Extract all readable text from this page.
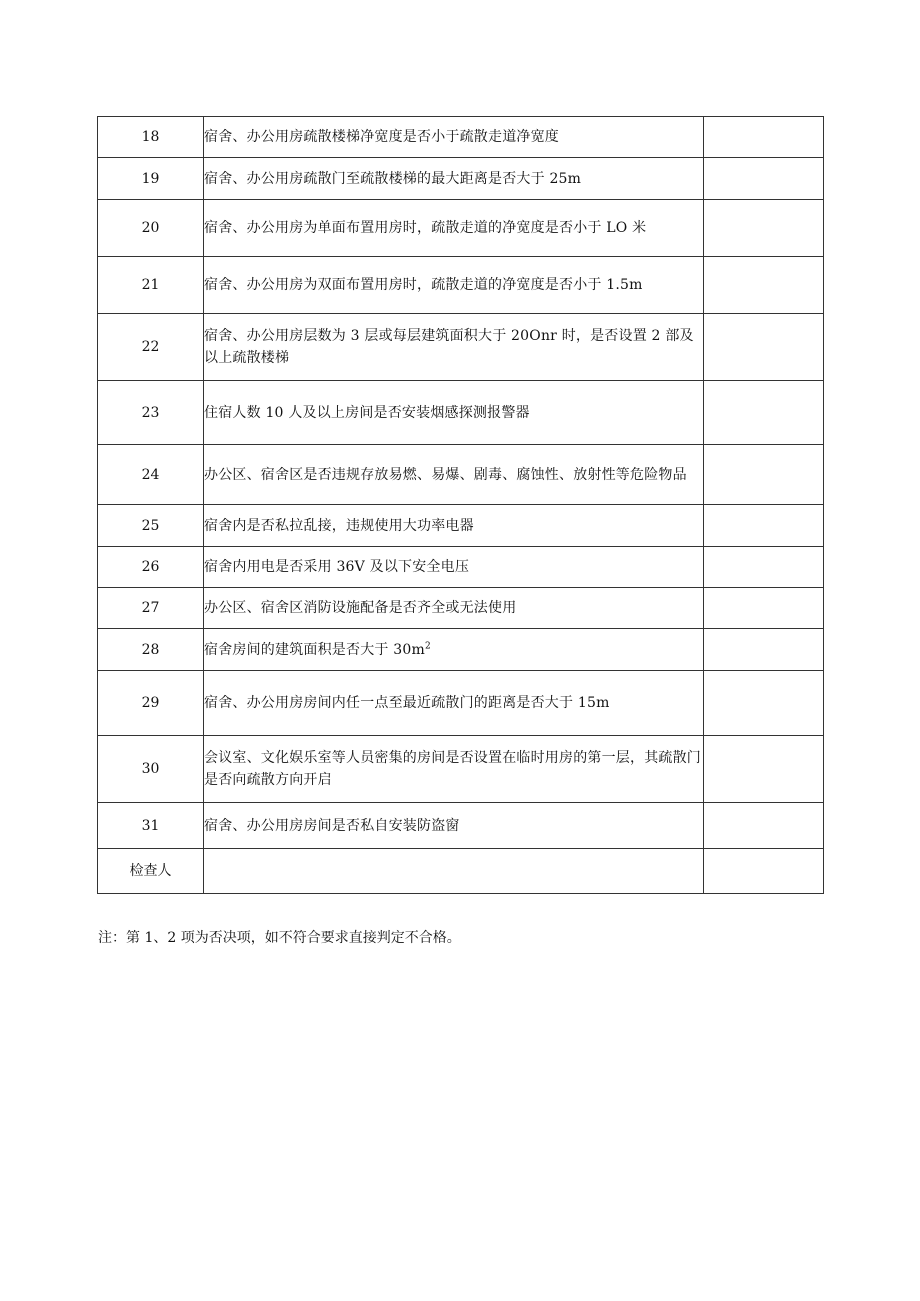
18	宿舍、办公用房疏散楼梯净宽度是否小于疏散走道净宽度	
19	宿舍、办公用房疏散门至疏散楼梯的最大距离是否大于 25m	
20	宿舍、办公用房为单面布置用房时，疏散走道的净宽度是否小于 LO 米	
21	宿舍、办公用房为双面布置用房时，疏散走道的净宽度是否小于 1.5m	
22	宿舍、办公用房层数为 3 层或每层建筑面积大于 20Onr 时，是否设置 2 部及以上疏散楼梯	
23	住宿人数 10 人及以上房间是否安装烟感探测报警器	
24	办公区、宿舍区是否违规存放易燃、易爆、剧毒、腐蚀性、放射性等危险物品	
25	宿舍内是否私拉乱接，违规使用大功率电器	
26	宿舍内用电是否采用 36V 及以下安全电压	
27	办公区、宿舍区消防设施配备是否齐全或无法使用	
28	宿舍房间的建筑面积是否大于 $30m^2$	
29	宿舍、办公用房房间内任一点至最近疏散门的距离是否大于 15m	
30	会议室、文化娱乐室等人员密集的房间是否设置在临时用房的第一层，其疏散门是否向疏散方向开启	
31	宿舍、办公用房房间是否私自安装防盗窗	
检查人		
注：第 1、2 项为否决项，如不符合要求直接判定不合格。
